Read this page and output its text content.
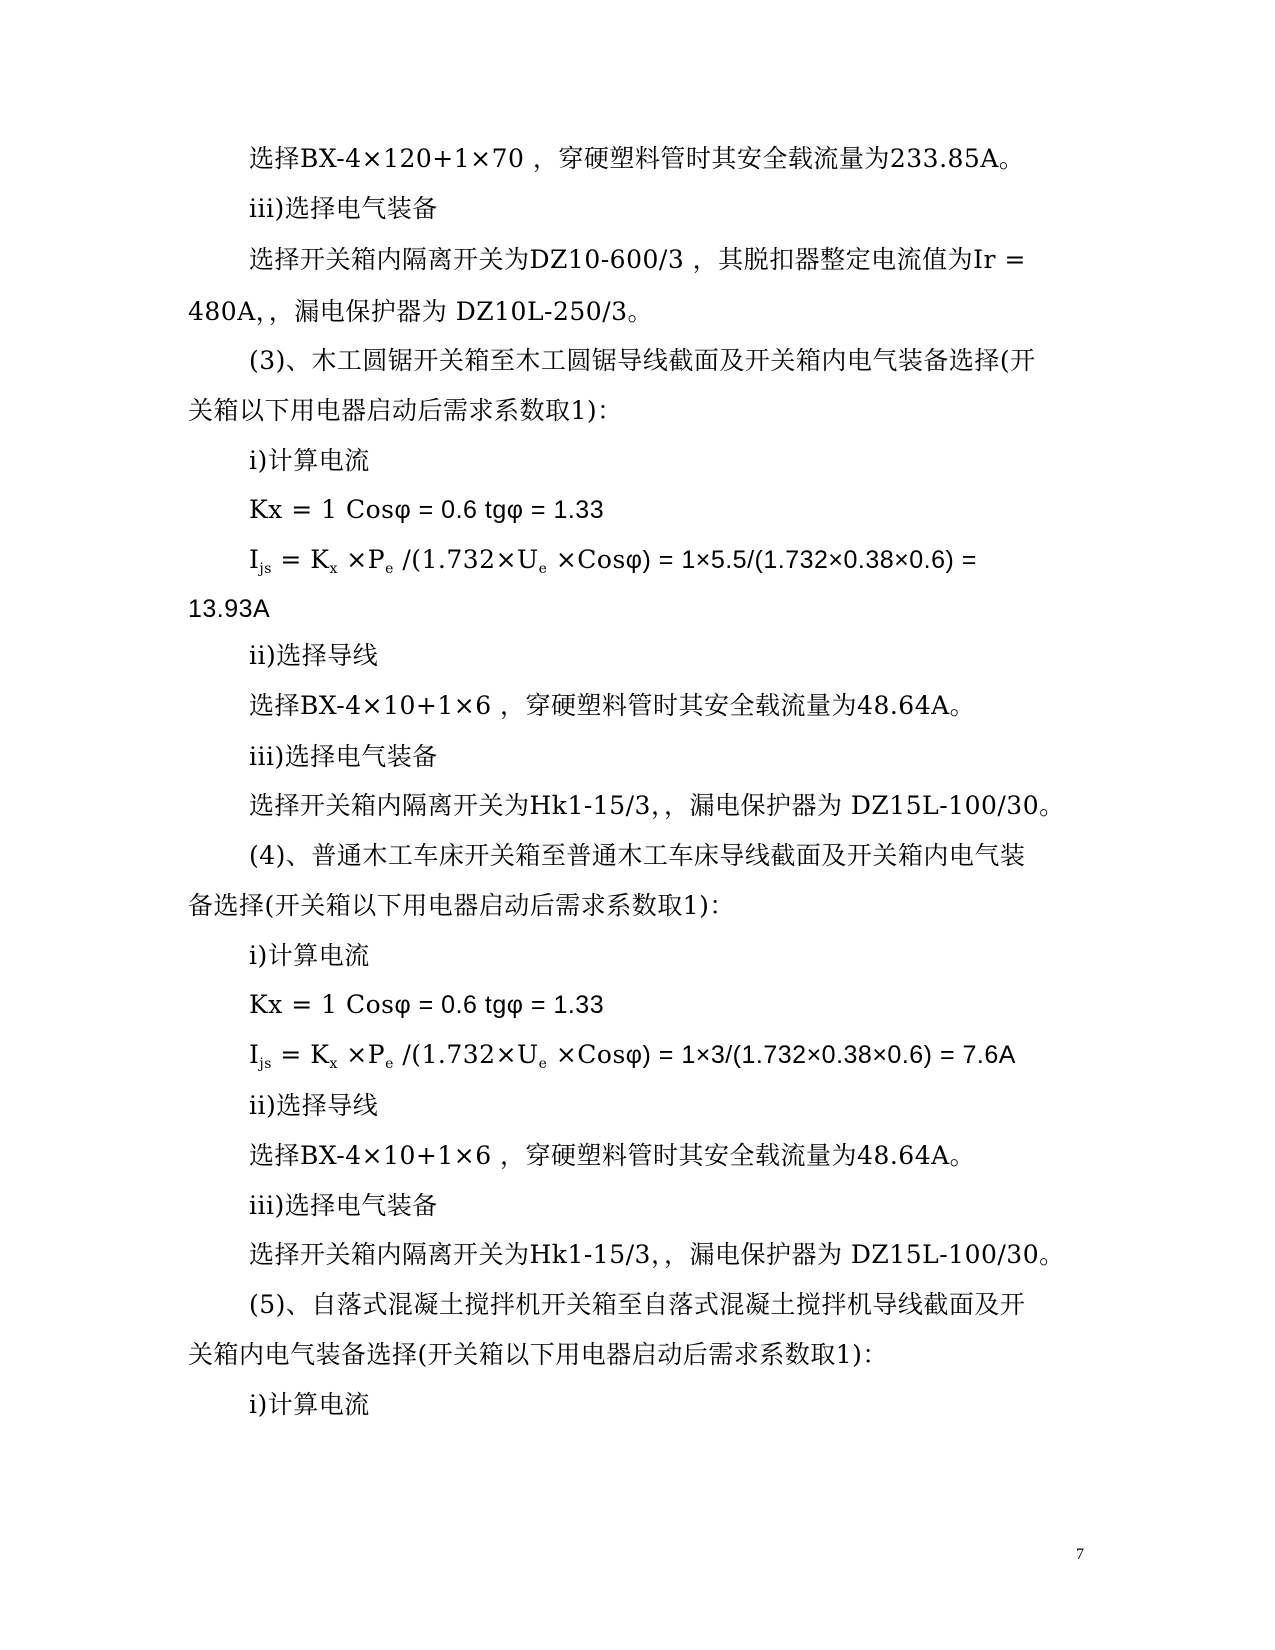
选择BX-4×120+1×70 ，穿硬塑料管时其安全载流量为233.85A。
iii)选择电气装备
选择开关箱内隔离开关为DZ10-600/3 ，其脱扣器整定电流值为Ir =
480A，，漏电保护器为 DZ10L-250/3。
(3)、木工圆锯开关箱至木工圆锯导线截面及开关箱内电气装备选择(开
关箱以下用电器启动后需求系数取1)：
i)计算电流
Kx = 1 Cosφ = 0.6 tgφ = 1.33
$I_{js} = K_x \times P_e$ $/(1.732\times U_e \times Cos\varphi) = 1\times 5.5/(1.732\times 0.38\times 0.6)$ =
13.93A
ii)选择导线
选择BX-4×10+1×6 ，穿硬塑料管时其安全载流量为48.64A。
iii)选择电气装备
选择开关箱内隔离开关为Hk1-15/3，，漏电保护器为 DZ15L-100/30。
(4)、普通木工车床开关箱至普通木工车床导线截面及开关箱内电气装
备选择(开关箱以下用电器启动后需求系数取1)：
i)计算电流
Kx = 1 Cosφ = 0.6 tgφ = 1.33
$I_{js} = K_x \times P_e$ $/(1.732\times U_e \times Cos\varphi) = 1\times 3/(1.732\times 0.38\times 0.6) = 7.6A$
ii)选择导线
选择BX-4×10+1×6 ，穿硬塑料管时其安全载流量为48.64A。
iii)选择电气装备
选择开关箱内隔离开关为Hk1-15/3，，漏电保护器为 DZ15L-100/30。
(5)、自落式混凝土搅拌机开关箱至自落式混凝土搅拌机导线截面及开
关箱内电气装备选择(开关箱以下用电器启动后需求系数取1)：
i)计算电流
7
